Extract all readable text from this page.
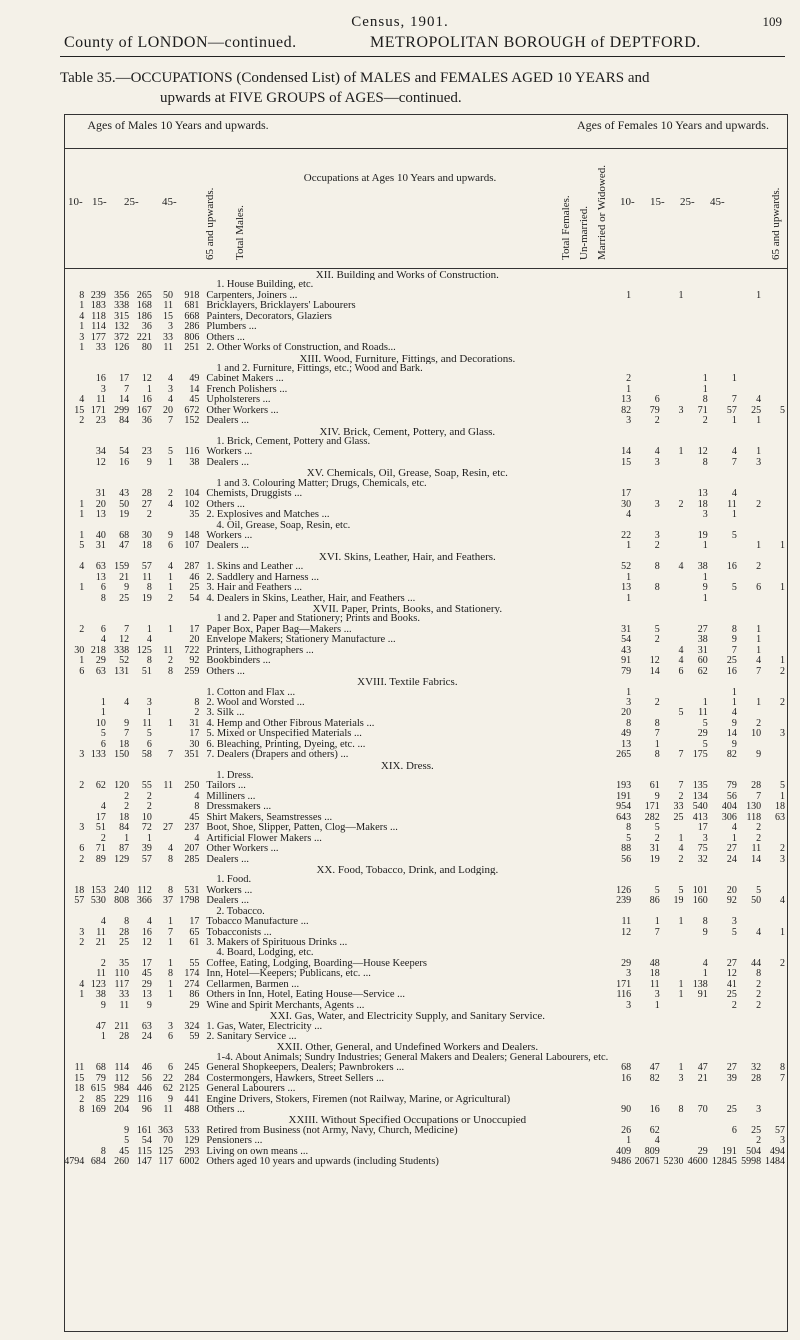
Census, 1901.	109
County of LONDON—continued.	METROPOLITAN BOROUGH of DEPTFORD.
Table 35.—OCCUPATIONS (Condensed List) of MALES and FEMALES AGED 10 YEARS and
upwards at FIVE GROUPS of AGES—continued.
Ages of Males 10 Years and upwards.	Ages of Females 10 Years and upwards.
Occupations at Ages 10 Years and upwards.
10- 15- 25- 45- 65 and upwards. Total Males.	Total Females. Un-married. Married or Widowed. 10- 15- 25- 45-	65 and upwards.
						XII. Building and Works of Construction.							
						1. House Building, etc.							
8	239	356	265	50	918	Carpenters, Joiners ...	1		1			1	
1	183	338	168	11	681	Bricklayers, Bricklayers' Labourers							
4	118	315	186	15	668	Painters, Decorators, Glaziers							
1	114	132	36	3	286	Plumbers ...							
3	177	372	221	33	806	Others ...							
1	33	126	80	11	251	2. Other Works of Construction, and Roads...							
						XIII. Wood, Furniture, Fittings, and Decorations.							
						1 and 2. Furniture, Fittings, etc.; Wood and Bark.							
	16	17	12	4	49	Cabinet Makers ...	2			1	1		
	3	7	1	3	14	French Polishers ...	1			1			
4	11	14	16	4	45	Upholsterers ...	13	6		8	7	4	
15	171	299	167	20	672	Other Workers ...	82	79	3	71	57	25	5
2	23	84	36	7	152	Dealers ...	3	2		2	1	1	
						XIV. Brick, Cement, Pottery, and Glass.							
						1. Brick, Cement, Pottery and Glass.							
	34	54	23	5	116	Workers ...	14	4	1	12	4	1	
	12	16	9	1	38	Dealers ...	15	3		8	7	3	
						XV. Chemicals, Oil, Grease, Soap, Resin, etc.							
						1 and 3. Colouring Matter; Drugs, Chemicals, etc.							
	31	43	28	2	104	Chemists, Druggists ...	17			13	4		
1	20	50	27	4	102	Others ...	30	3	2	18	11	2	
1	13	19	2		35	2. Explosives and Matches ...	4			3	1		
						4. Oil, Grease, Soap, Resin, etc.							
1	40	68	30	9	148	Workers ...	22	3		19	5		
5	31	47	18	6	107	Dealers ...	1	2		1		1	1
						XVI. Skins, Leather, Hair, and Feathers.							
4	63	159	57	4	287	1. Skins and Leather ...	52	8	4	38	16	2	
	13	21	11	1	46	2. Saddlery and Harness ...	1			1			
1	6	9	8	1	25	3. Hair and Feathers ...	13	8		9	5	6	1
	8	25	19	2	54	4. Dealers in Skins, Leather, Hair, and Feathers ...	1			1			
						XVII. Paper, Prints, Books, and Stationery.							
						1 and 2. Paper and Stationery; Prints and Books.							
2	6	7	1	1	17	Paper Box, Paper Bag—Makers ...	31	5		27	8	1	
	4	12	4		20	Envelope Makers; Stationery Manufacture ...	54	2		38	9	1	
30	218	338	125	11	722	Printers, Lithographers ...	43		4	31	7	1	
1	29	52	8	2	92	Bookbinders ...	91	12	4	60	25	4	1
6	63	131	51	8	259	Others ...	79	14	6	62	16	7	2
						XVIII. Textile Fabrics.							
						1. Cotton and Flax ...	1				1		
	1	4	3		8	2. Wool and Worsted ...	3	2		1	1	1	2
	1		1		2	3. Silk ...	20		5	11	4		
	10	9	11	1	31	4. Hemp and Other Fibrous Materials ...	8	8		5	9	2	
	5	7	5		17	5. Mixed or Unspecified Materials ...	49	7		29	14	10	3
	6	18	6		30	6. Bleaching, Printing, Dyeing, etc. ...	13	1		5	9		
3	133	150	58	7	351	7. Dealers (Drapers and others) ...	265	8	7	175	82	9	
						XIX. Dress.							
						1. Dress.							
2	62	120	55	11	250	Tailors ...	193	61	7	135	79	28	5
		2	2		4	Milliners ...	191	9	2	134	56	7	1
	4	2	2		8	Dressmakers ...	954	171	33	540	404	130	18
	17	18	10		45	Shirt Makers, Seamstresses ...	643	282	25	413	306	118	63
3	51	84	72	27	237	Boot, Shoe, Slipper, Patten, Clog—Makers ...	8	5		17	4	2	
	2	1	1		4	Artificial Flower Makers ...	5	2	1	3	1	2	
6	71	87	39	4	207	Other Workers ...	88	31	4	75	27	11	2
2	89	129	57	8	285	Dealers ...	56	19	2	32	24	14	3
						XX. Food, Tobacco, Drink, and Lodging.							
						1. Food.							
18	153	240	112	8	531	Workers ...	126	5	5	101	20	5	
57	530	808	366	37	1798	Dealers ...	239	86	19	160	92	50	4
						2. Tobacco.							
	4	8	4	1	17	Tobacco Manufacture ...	11	1	1	8	3		
3	11	28	16	7	65	Tobacconists ...	12	7		9	5	4	1
2	21	25	12	1	61	3. Makers of Spirituous Drinks ...							
						4. Board, Lodging, etc.							
	2	35	17	1	55	Coffee, Eating, Lodging, Boarding—House Keepers	29	48		4	27	44	2
	11	110	45	8	174	Inn, Hotel—Keepers; Publicans, etc. ...	3	18		1	12	8	
4	123	117	29	1	274	Cellarmen, Barmen ...	171	11	1	138	41	2	
1	38	33	13	1	86	Others in Inn, Hotel, Eating House—Service ...	116	3	1	91	25	2	
	9	11	9		29	Wine and Spirit Merchants, Agents ...	3	1			2	2	
						XXI. Gas, Water, and Electricity Supply, and Sanitary Service.							
	47	211	63	3	324	1. Gas, Water, Electricity ...							
	1	28	24	6	59	2. Sanitary Service ...							
						XXII. Other, General, and Undefined Workers and Dealers.							
						1-4. About Animals; Sundry Industries; General Makers and Dealers; General Labourers, etc.							
11	68	114	46	6	245	General Shopkeepers, Dealers; Pawnbrokers ...	68	47	1	47	27	32	8
15	79	112	56	22	284	Costermongers, Hawkers, Street Sellers ...	16	82	3	21	39	28	7
18	615	984	446	62	2125	General Labourers ...							
2	85	229	116	9	441	Engine Drivers, Stokers, Firemen (not Railway, Marine, or Agricultural)							
8	169	204	96	11	488	Others ...	90	16	8	70	25	3	
						XXIII. Without Specified Occupations or Unoccupied							
		9	161	363	533	Retired from Business (not Army, Navy, Church, Medicine)	26	62			6	25	57
		5	54	70	129	Pensioners ...	1	4				2	3
	8	45	115	125	293	Living on own means ...	409	809		29	191	504	494
4794	684	260	147	117	6002	Others aged 10 years and upwards (including Students)	9486	20671	5230	4600	12845	5998	1484
